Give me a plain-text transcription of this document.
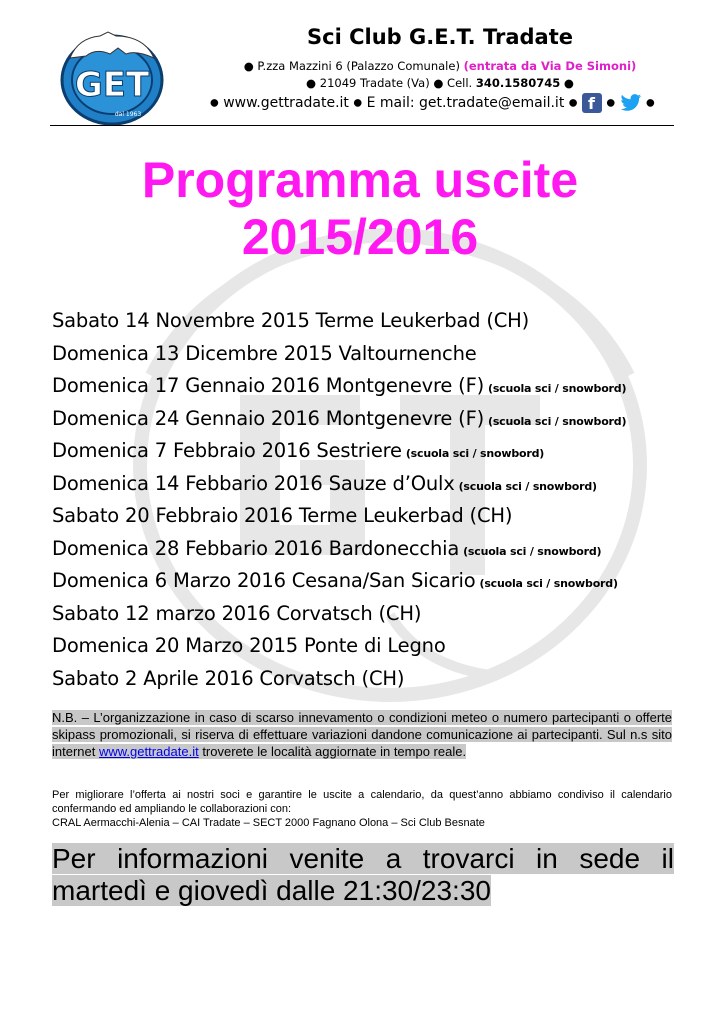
GET
dal 1963
Sci Club G.E.T. Tradate
● P.zza Mazzini 6 (Palazzo Comunale) (entrata da Via De Simoni)
● 21049 Tradate (Va) ● Cell. 340.1580745 ●
● www.gettradate.it ● E mail: get.tradate@email.it ● f ●	●
Programma uscite
2015/2016
Sabato 14 Novembre 2015 Terme Leukerbad (CH)
Domenica 13 Dicembre 2015 Valtournenche
Domenica 17 Gennaio 2016 Montgenevre (F) (scuola sci / snowbord)
Domenica 24 Gennaio 2016 Montgenevre (F) (scuola sci / snowbord)
Domenica 7 Febbraio 2016 Sestriere (scuola sci / snowbord)
Domenica 14 Febbario 2016 Sauze d’Oulx (scuola sci / snowbord)
Sabato 20 Febbraio 2016 Terme Leukerbad (CH)
Domenica 28 Febbario 2016 Bardonecchia (scuola sci / snowbord)
Domenica 6 Marzo 2016 Cesana/San Sicario (scuola sci / snowbord)
Sabato 12 marzo 2016 Corvatsch (CH)
Domenica 20 Marzo 2015 Ponte di Legno
Sabato 2 Aprile 2016 Corvatsch (CH)
N.B. – L’organizzazione in caso di scarso innevamento o condizioni meteo o numero partecipanti o offerte skipass promozionali, si riserva di effettuare variazioni dandone comunicazione ai partecipanti. Sul n.s sito internet www.gettradate.it troverete le località aggiornate in tempo reale.
Per migliorare l’offerta ai nostri soci e garantire le uscite a calendario, da quest’anno abbiamo condiviso il calendario confermando ed ampliando le collaborazioni con:
CRAL Aermacchi-Alenia – CAI Tradate – SECT 2000 Fagnano Olona – Sci Club Besnate
Per informazioni venite a trovarci in sede il martedì e giovedì dalle 21:30/23:30
